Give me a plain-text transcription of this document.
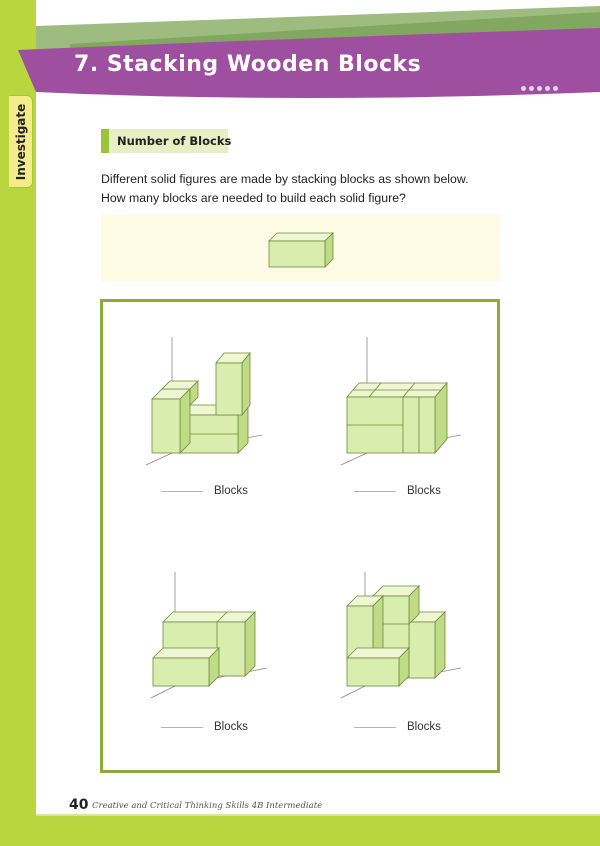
7. Stacking Wooden Blocks
Investigate	Number of Blocks

Different solid figures are made by stacking blocks as shown below.

How many blocks are needed to build each solid figure?

Blocks	Blocks
Blocks	Blocks
40 Creative and Critical Thinking Skills 4B Intermediate
